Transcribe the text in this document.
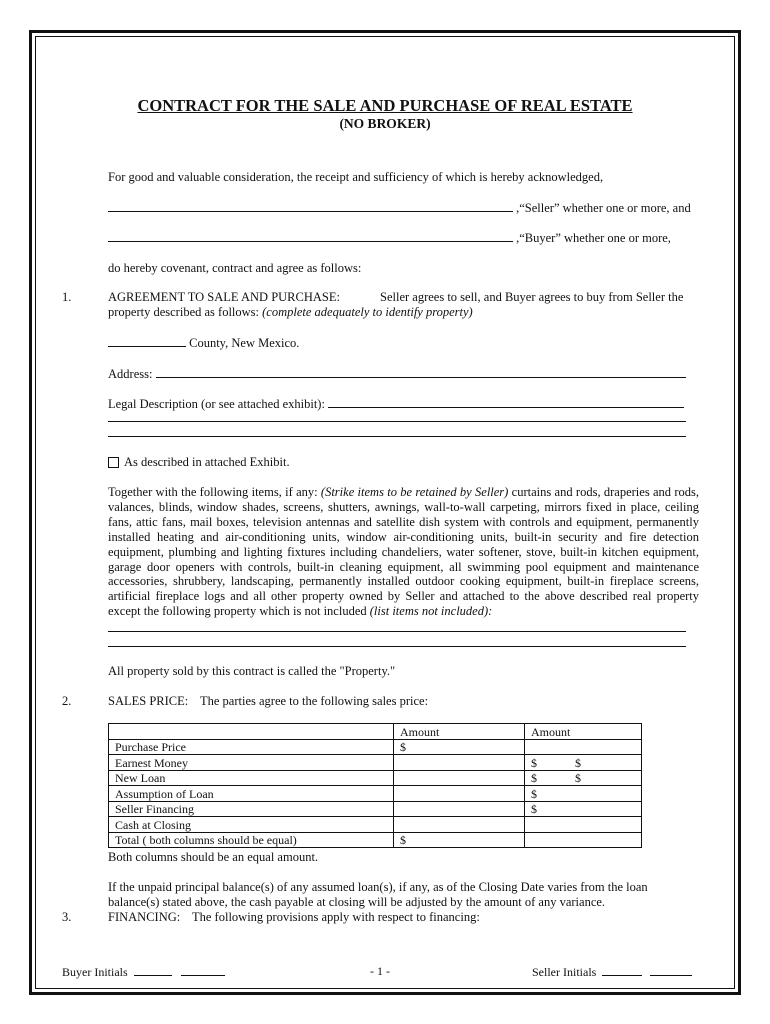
CONTRACT FOR THE SALE AND PURCHASE OF REAL ESTATE
(NO BROKER)
For good and valuable consideration, the receipt and sufficiency of which is hereby acknowledged,
,“Seller” whether one or more, and
,“Buyer” whether one or more,
do hereby covenant, contract and agree as follows:
1.	AGREEMENT TO SALE AND PURCHASE:	Seller agrees to sell, and Buyer agrees to buy from Seller the
property described as follows: (complete adequately to identify property)
County, New Mexico.
Address:
Legal Description (or see attached exhibit):
As described in attached Exhibit.
Together with the following items, if any: (Strike items to be retained by Seller) curtains and rods, draperies and rods, valances, blinds, window shades, screens, shutters, awnings, wall-to-wall carpeting, mirrors fixed in place, ceiling fans, attic fans, mail boxes, television antennas and satellite dish system with controls and equipment, permanently installed heating and air-conditioning units, window air-conditioning units, built-in security and fire detection equipment, plumbing and lighting fixtures including chandeliers, water softener, stove, built-in kitchen equipment, garage door openers with controls, built-in cleaning equipment, all swimming pool equipment and maintenance accessories, shrubbery, landscaping, permanently installed outdoor cooking equipment, built-in fireplace screens, artificial fireplace logs and all other property owned by Seller and attached to the above described real property except the following property which is not included (list items not included):
All property sold by this contract is called the "Property."
2.	SALES PRICE: The parties agree to the following sales price:
	Amount	Amount
Purchase Price	$	
Earnest Money		$ $
New Loan		$ $
Assumption of Loan		$
Seller Financing		$
Cash at Closing		
Total ( both columns should be equal)	$	
Both columns should be an equal amount.
If the unpaid principal balance(s) of any assumed loan(s), if any, as of the Closing Date varies from the loan
balance(s) stated above, the cash payable at closing will be adjusted by the amount of any variance.
3.	FINANCING: The following provisions apply with respect to financing:
Buyer Initials	- 1 -	Seller Initials
